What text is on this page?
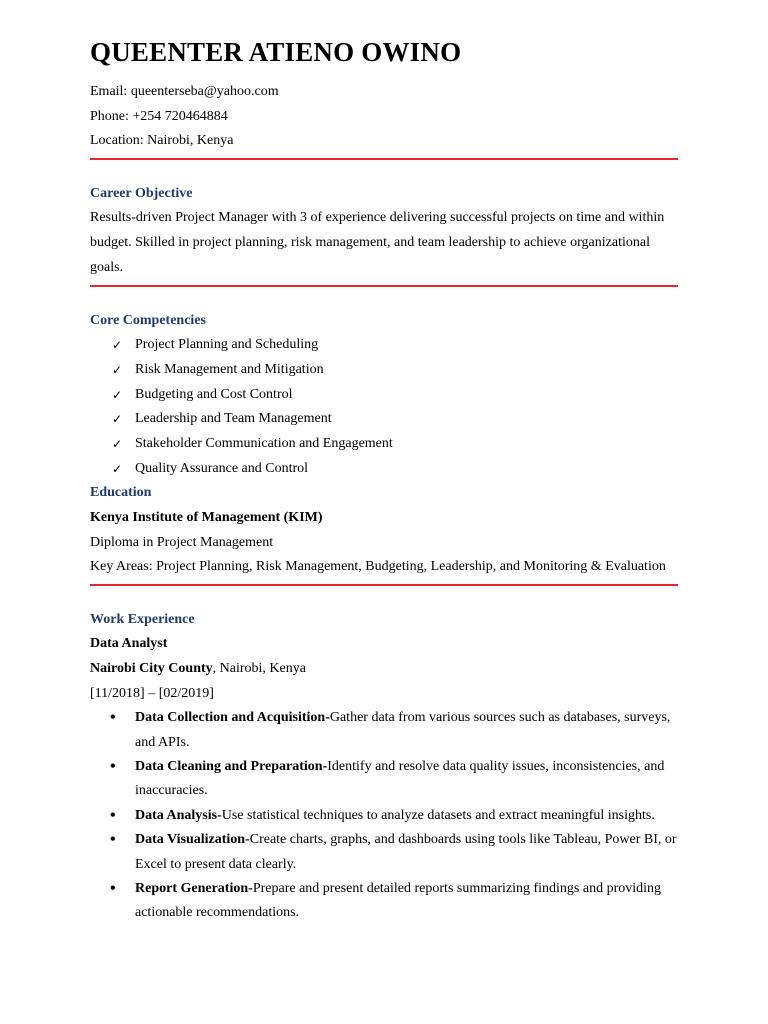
QUEENTER ATIENO OWINO
Email: queenterseba@yahoo.com
Phone: +254 720464884
Location: Nairobi, Kenya
Career Objective
Results-driven Project Manager with 3 of experience delivering successful projects on time and within budget. Skilled in project planning, risk management, and team leadership to achieve organizational goals.
Core Competencies
✓ Project Planning and Scheduling
✓ Risk Management and Mitigation
✓ Budgeting and Cost Control
✓ Leadership and Team Management
✓ Stakeholder Communication and Engagement
✓ Quality Assurance and Control
Education
Kenya Institute of Management (KIM)
Diploma in Project Management
Key Areas: Project Planning, Risk Management, Budgeting, Leadership, and Monitoring & Evaluation
Work Experience
Data Analyst
Nairobi City County, Nairobi, Kenya
[11/2018] – [02/2019]
• Data Collection and Acquisition-Gather data from various sources such as databases, surveys, and APIs.
• Data Cleaning and Preparation-Identify and resolve data quality issues, inconsistencies, and inaccuracies.
• Data Analysis-Use statistical techniques to analyze datasets and extract meaningful insights.
• Data Visualization-Create charts, graphs, and dashboards using tools like Tableau, Power BI, or Excel to present data clearly.
• Report Generation-Prepare and present detailed reports summarizing findings and providing actionable recommendations.
